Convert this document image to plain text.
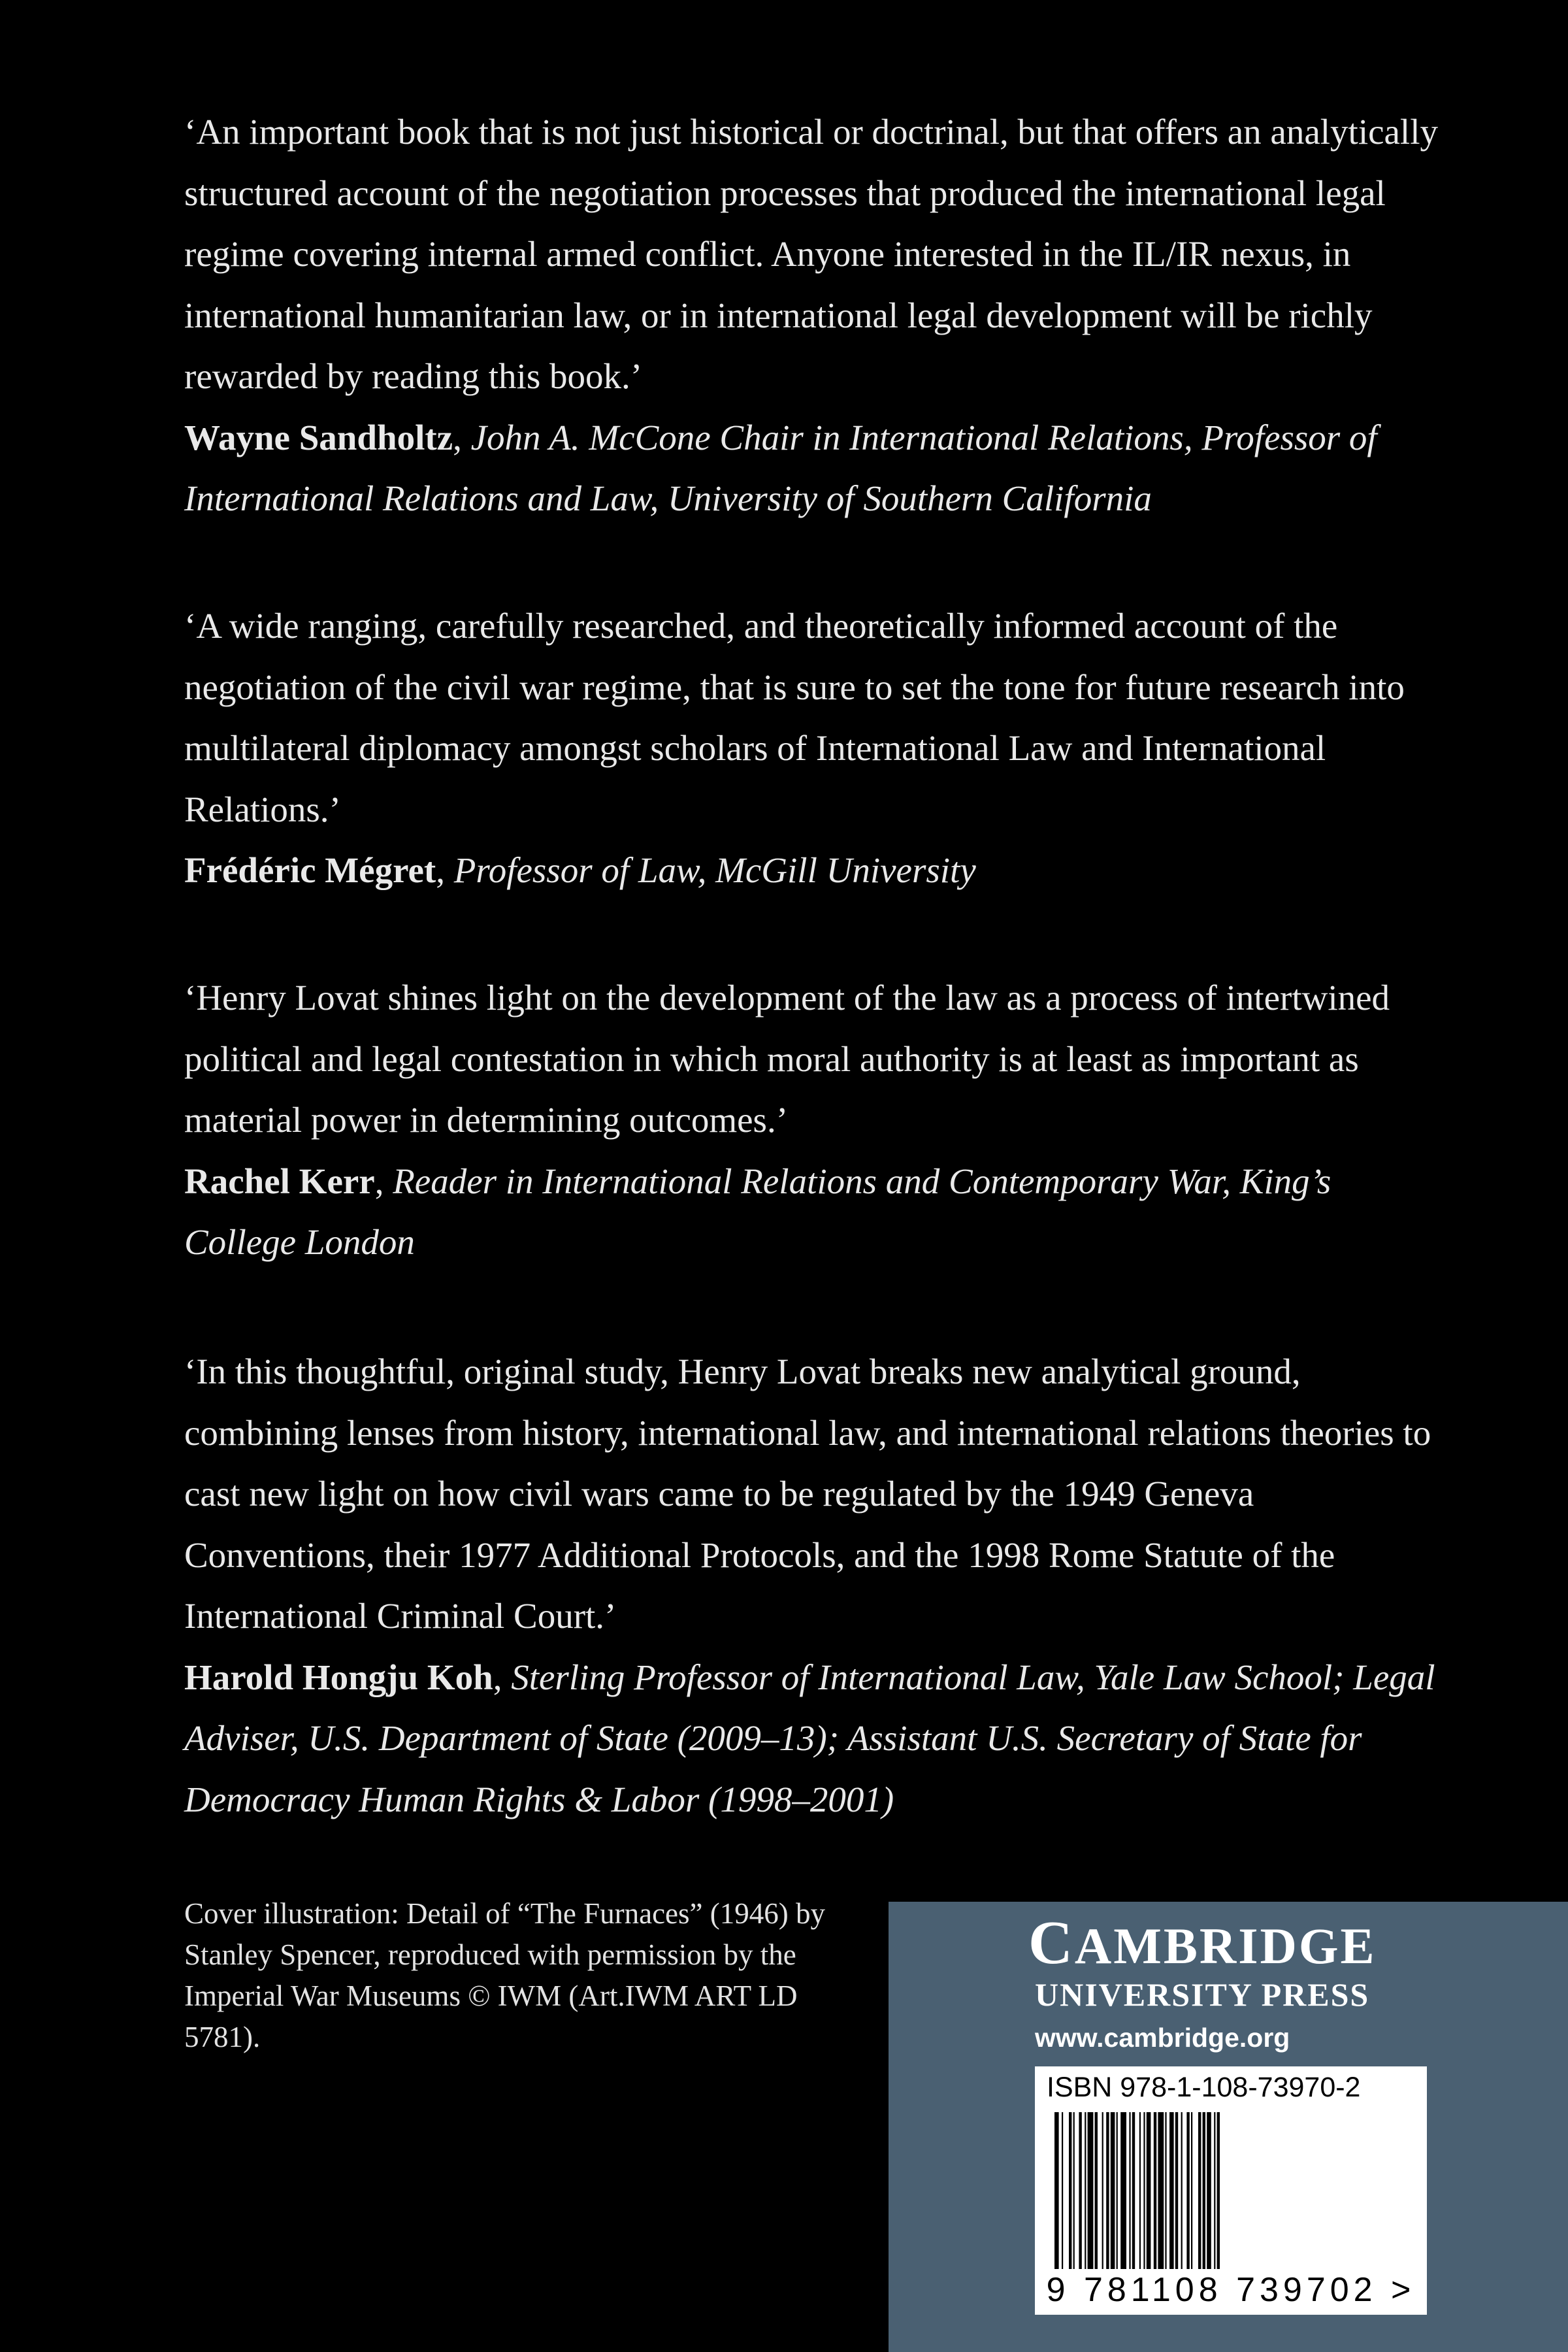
‘An important book that is not just historical or doctrinal, but that offers an analytically structured account of the negotiation processes that produced the international legal regime covering internal armed conflict. Anyone interested in the IL/IR nexus, in international humanitarian law, or in international legal development will be richly rewarded by reading this book.’

Wayne Sandholtz, John A. McCone Chair in International Relations, Professor of International Relations and Law, University of Southern California

‘A wide ranging, carefully researched, and theoretically informed account of the negotiation of the civil war regime, that is sure to set the tone for future research into multilateral diplomacy amongst scholars of International Law and International Relations.’

Frédéric Mégret, Professor of Law, McGill University

‘Henry Lovat shines light on the development of the law as a process of intertwined political and legal contestation in which moral authority is at least as important as material power in determining outcomes.’

Rachel Kerr, Reader in International Relations and Contemporary War, King’s College London

‘In this thoughtful, original study, Henry Lovat breaks new analytical ground, combining lenses from history, international law, and international relations theories to cast new light on how civil wars came to be regulated by the 1949 Geneva Conventions, their 1977 Additional Protocols, and the 1998 Rome Statute of the International Criminal Court.’

Harold Hongju Koh, Sterling Professor of International Law, Yale Law School; Legal Adviser, U.S. Department of State (2009–13); Assistant U.S. Secretary of State for Democracy Human Rights & Labor (1998–2001)

Cover illustration: Detail of “The Furnaces” (1946) by Stanley Spencer, reproduced with permission by the Imperial War Museums © IWM (Art.IWM ART LD 5781).

CAMBRIDGE

UNIVERSITY PRESS

www.cambridge.org

ISBN 978-1-108-73970-2

9 781108 739702 >
